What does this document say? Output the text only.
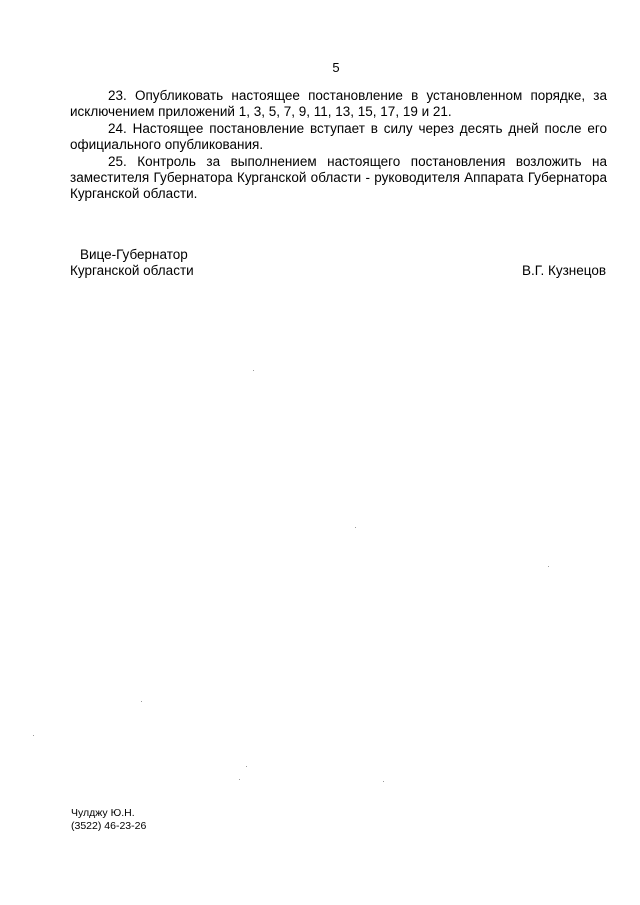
5

23. Опубликовать настоящее постановление в установленном порядке, за исключением приложений 1, 3, 5, 7, 9, 11, 13, 15, 17, 19 и 21.

24. Настоящее постановление вступает в силу через десять дней после его официального опубликования.

25. Контроль за выполнением настоящего постановления возложить на заместителя Губернатора Курганской области - руководителя Аппарата Губернатора Курганской области.

Вице-Губернатор
Курганской области	В.Г. Кузнецов
Чулджу Ю.Н.
(3522) 46-23-26
